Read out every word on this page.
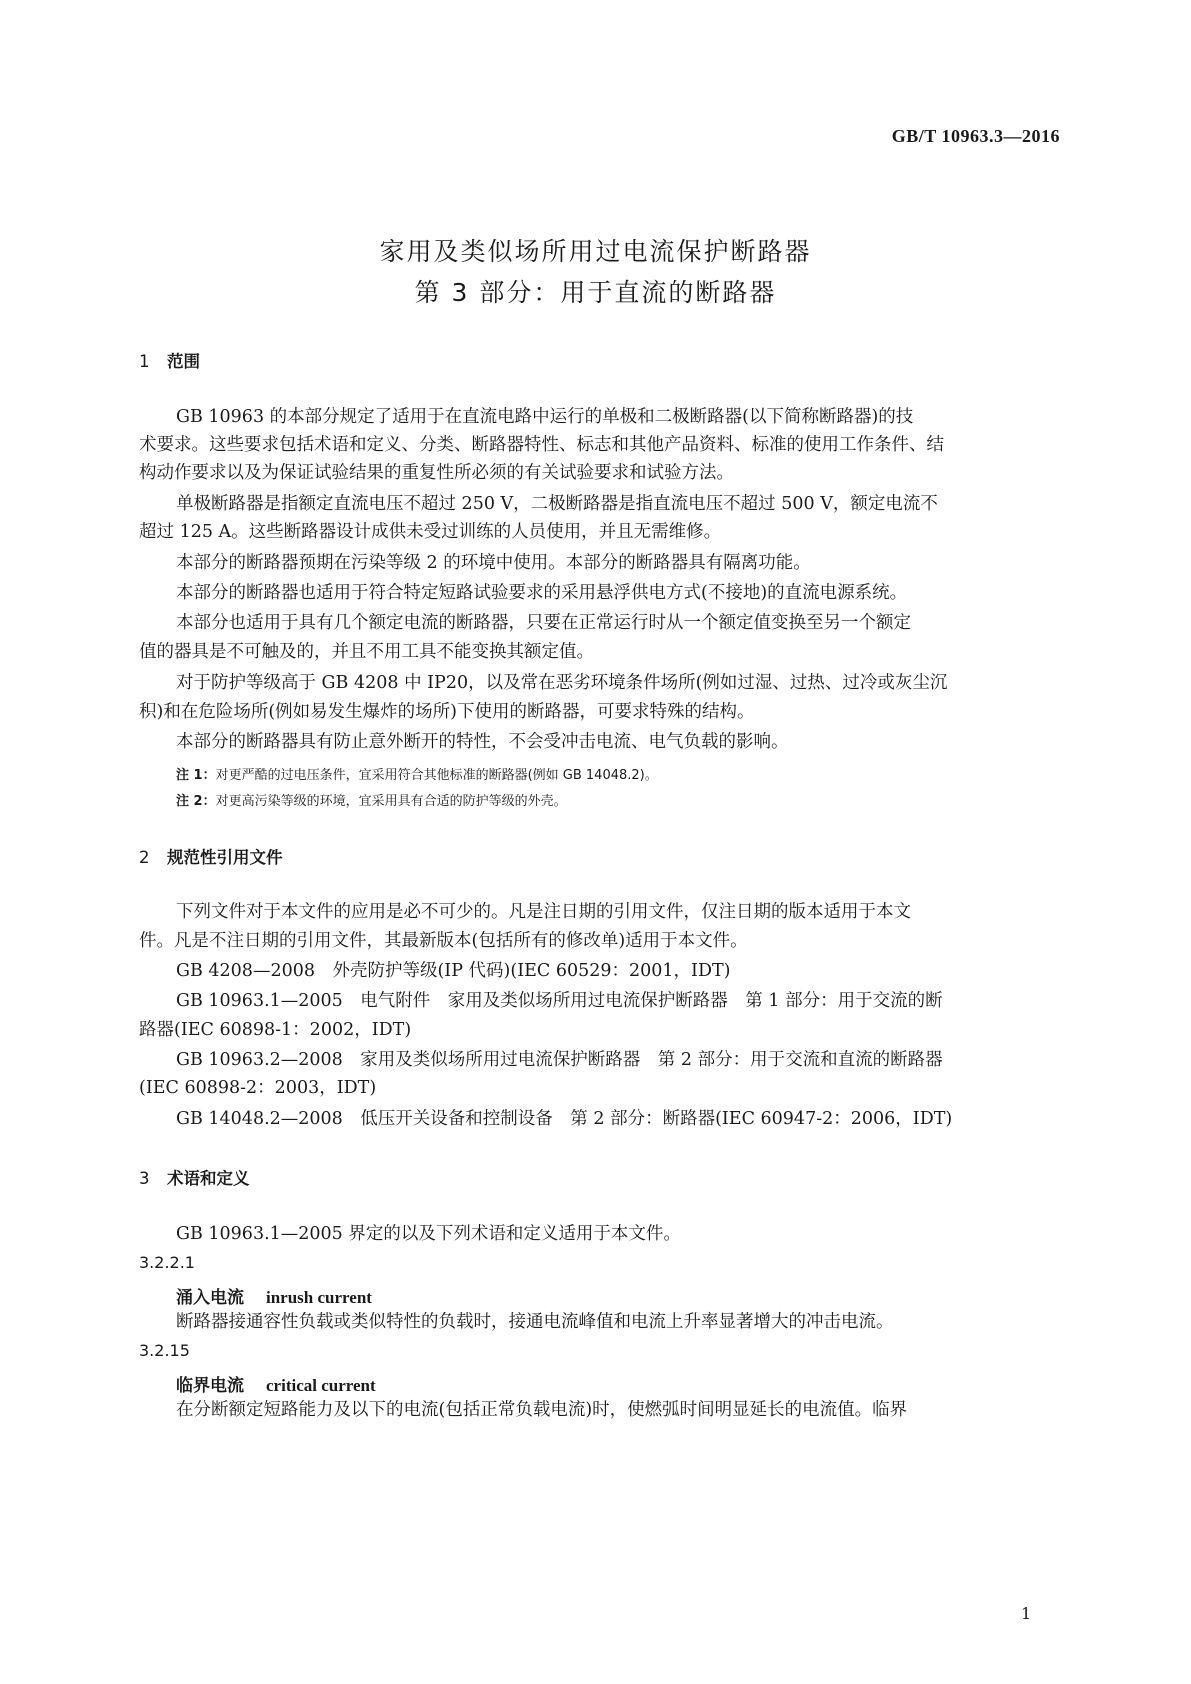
GB/T 10963.3—2016
家用及类似场所用过电流保护断路器
第 3 部分：用于直流的断路器
1 范围
GB 10963 的本部分规定了适用于在直流电路中运行的单极和二极断路器(以下简称断路器)的技
术要求。这些要求包括术语和定义、分类、断路器特性、标志和其他产品资料、标准的使用工作条件、结
构动作要求以及为保证试验结果的重复性所必须的有关试验要求和试验方法。
单极断路器是指额定直流电压不超过 250 V，二极断路器是指直流电压不超过 500 V，额定电流不
超过 125 A。这些断路器设计成供未受过训练的人员使用，并且无需维修。
本部分的断路器预期在污染等级 2 的环境中使用。本部分的断路器具有隔离功能。
本部分的断路器也适用于符合特定短路试验要求的采用悬浮供电方式(不接地)的直流电源系统。
本部分也适用于具有几个额定电流的断路器，只要在正常运行时从一个额定值变换至另一个额定
值的器具是不可触及的，并且不用工具不能变换其额定值。
对于防护等级高于 GB 4208 中 IP20，以及常在恶劣环境条件场所(例如过湿、过热、过冷或灰尘沉
积)和在危险场所(例如易发生爆炸的场所)下使用的断路器，可要求特殊的结构。
本部分的断路器具有防止意外断开的特性，不会受冲击电流、电气负载的影响。
注 1：对更严酷的过电压条件，宜采用符合其他标准的断路器(例如 GB 14048.2)。
注 2：对更高污染等级的环境，宜采用具有合适的防护等级的外壳。
2 规范性引用文件
下列文件对于本文件的应用是必不可少的。凡是注日期的引用文件，仅注日期的版本适用于本文
件。凡是不注日期的引用文件，其最新版本(包括所有的修改单)适用于本文件。
GB 4208—2008　外壳防护等级(IP 代码)(IEC 60529：2001，IDT)
GB 10963.1—2005　电气附件　家用及类似场所用过电流保护断路器　第 1 部分：用于交流的断
路器(IEC 60898-1：2002，IDT)
GB 10963.2—2008　家用及类似场所用过电流保护断路器　第 2 部分：用于交流和直流的断路器
(IEC 60898-2：2003，IDT)
GB 14048.2—2008　低压开关设备和控制设备　第 2 部分：断路器(IEC 60947-2：2006，IDT)
3 术语和定义
GB 10963.1—2005 界定的以及下列术语和定义适用于本文件。
3.2.2.1
涌入电流 inrush current
断路器接通容性负载或类似特性的负载时，接通电流峰值和电流上升率显著增大的冲击电流。
3.2.15
临界电流 critical current
在分断额定短路能力及以下的电流(包括正常负载电流)时，使燃弧时间明显延长的电流值。临界
1
